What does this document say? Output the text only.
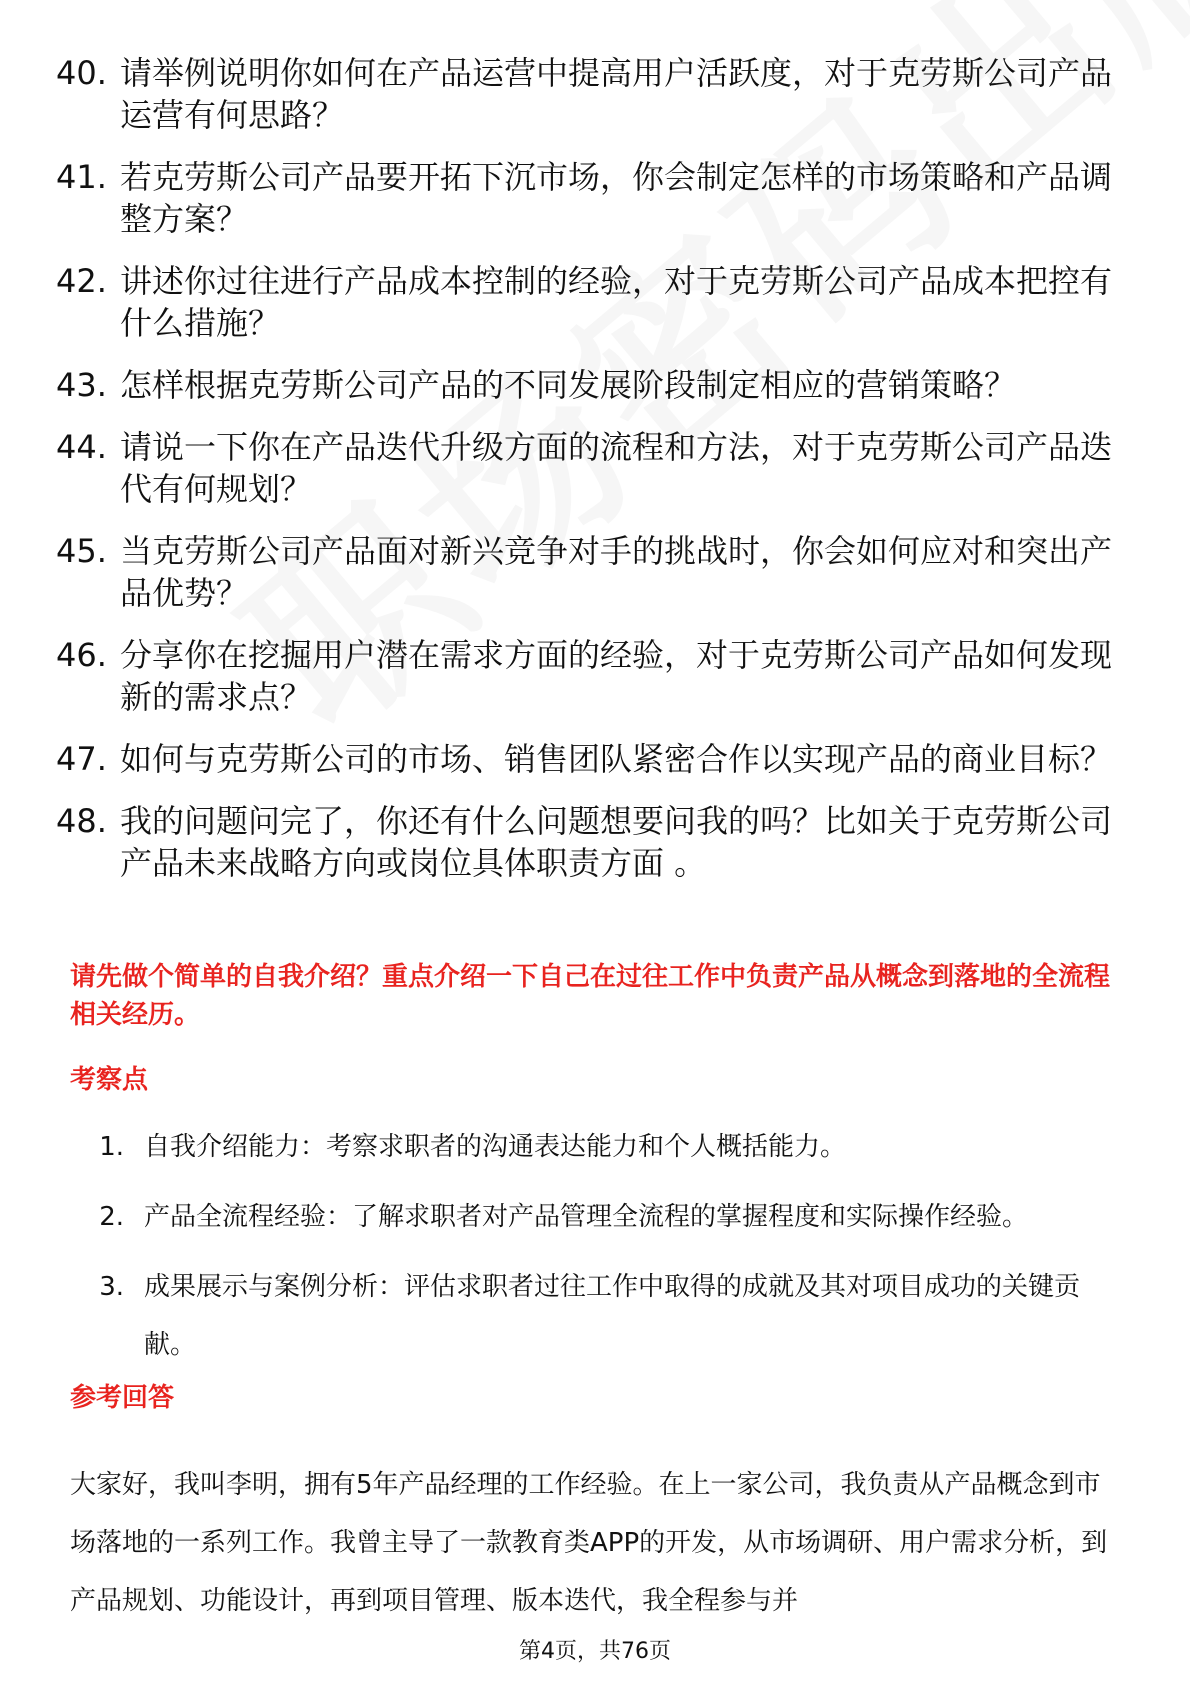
40. 请举例说明你如何在产品运营中提高用户活跃度，对于克劳斯公司产品运营有何思路？
41. 若克劳斯公司产品要开拓下沉市场，你会制定怎样的市场策略和产品调整方案？
42. 讲述你过往进行产品成本控制的经验，对于克劳斯公司产品成本把控有什么措施？
43. 怎样根据克劳斯公司产品的不同发展阶段制定相应的营销策略？
44. 请说一下你在产品迭代升级方面的流程和方法，对于克劳斯公司产品迭代有何规划？
45. 当克劳斯公司产品面对新兴竞争对手的挑战时，你会如何应对和突出产品优势？
46. 分享你在挖掘用户潜在需求方面的经验，对于克劳斯公司产品如何发现新的需求点？
47. 如何与克劳斯公司的市场、销售团队紧密合作以实现产品的商业目标？
48. 我的问题问完了，你还有什么问题想要问我的吗？比如关于克劳斯公司产品未来战略方向或岗位具体职责方面 。
请先做个简单的自我介绍？重点介绍一下自己在过往工作中负责产品从概念到落地的全流程相关经历。
考察点
1. 自我介绍能力：考察求职者的沟通表达能力和个人概括能力。
2. 产品全流程经验：了解求职者对产品管理全流程的掌握程度和实际操作经验。
3. 成果展示与案例分析：评估求职者过往工作中取得的成就及其对项目成功的关键贡献。
参考回答
大家好，我叫李明，拥有5年产品经理的工作经验。在上一家公司，我负责从产品概念到市场落地的一系列工作。我曾主导了一款教育类APP的开发，从市场调研、用户需求分析，到产品规划、功能设计，再到项目管理、版本迭代，我全程参与并
第4页，共76页
